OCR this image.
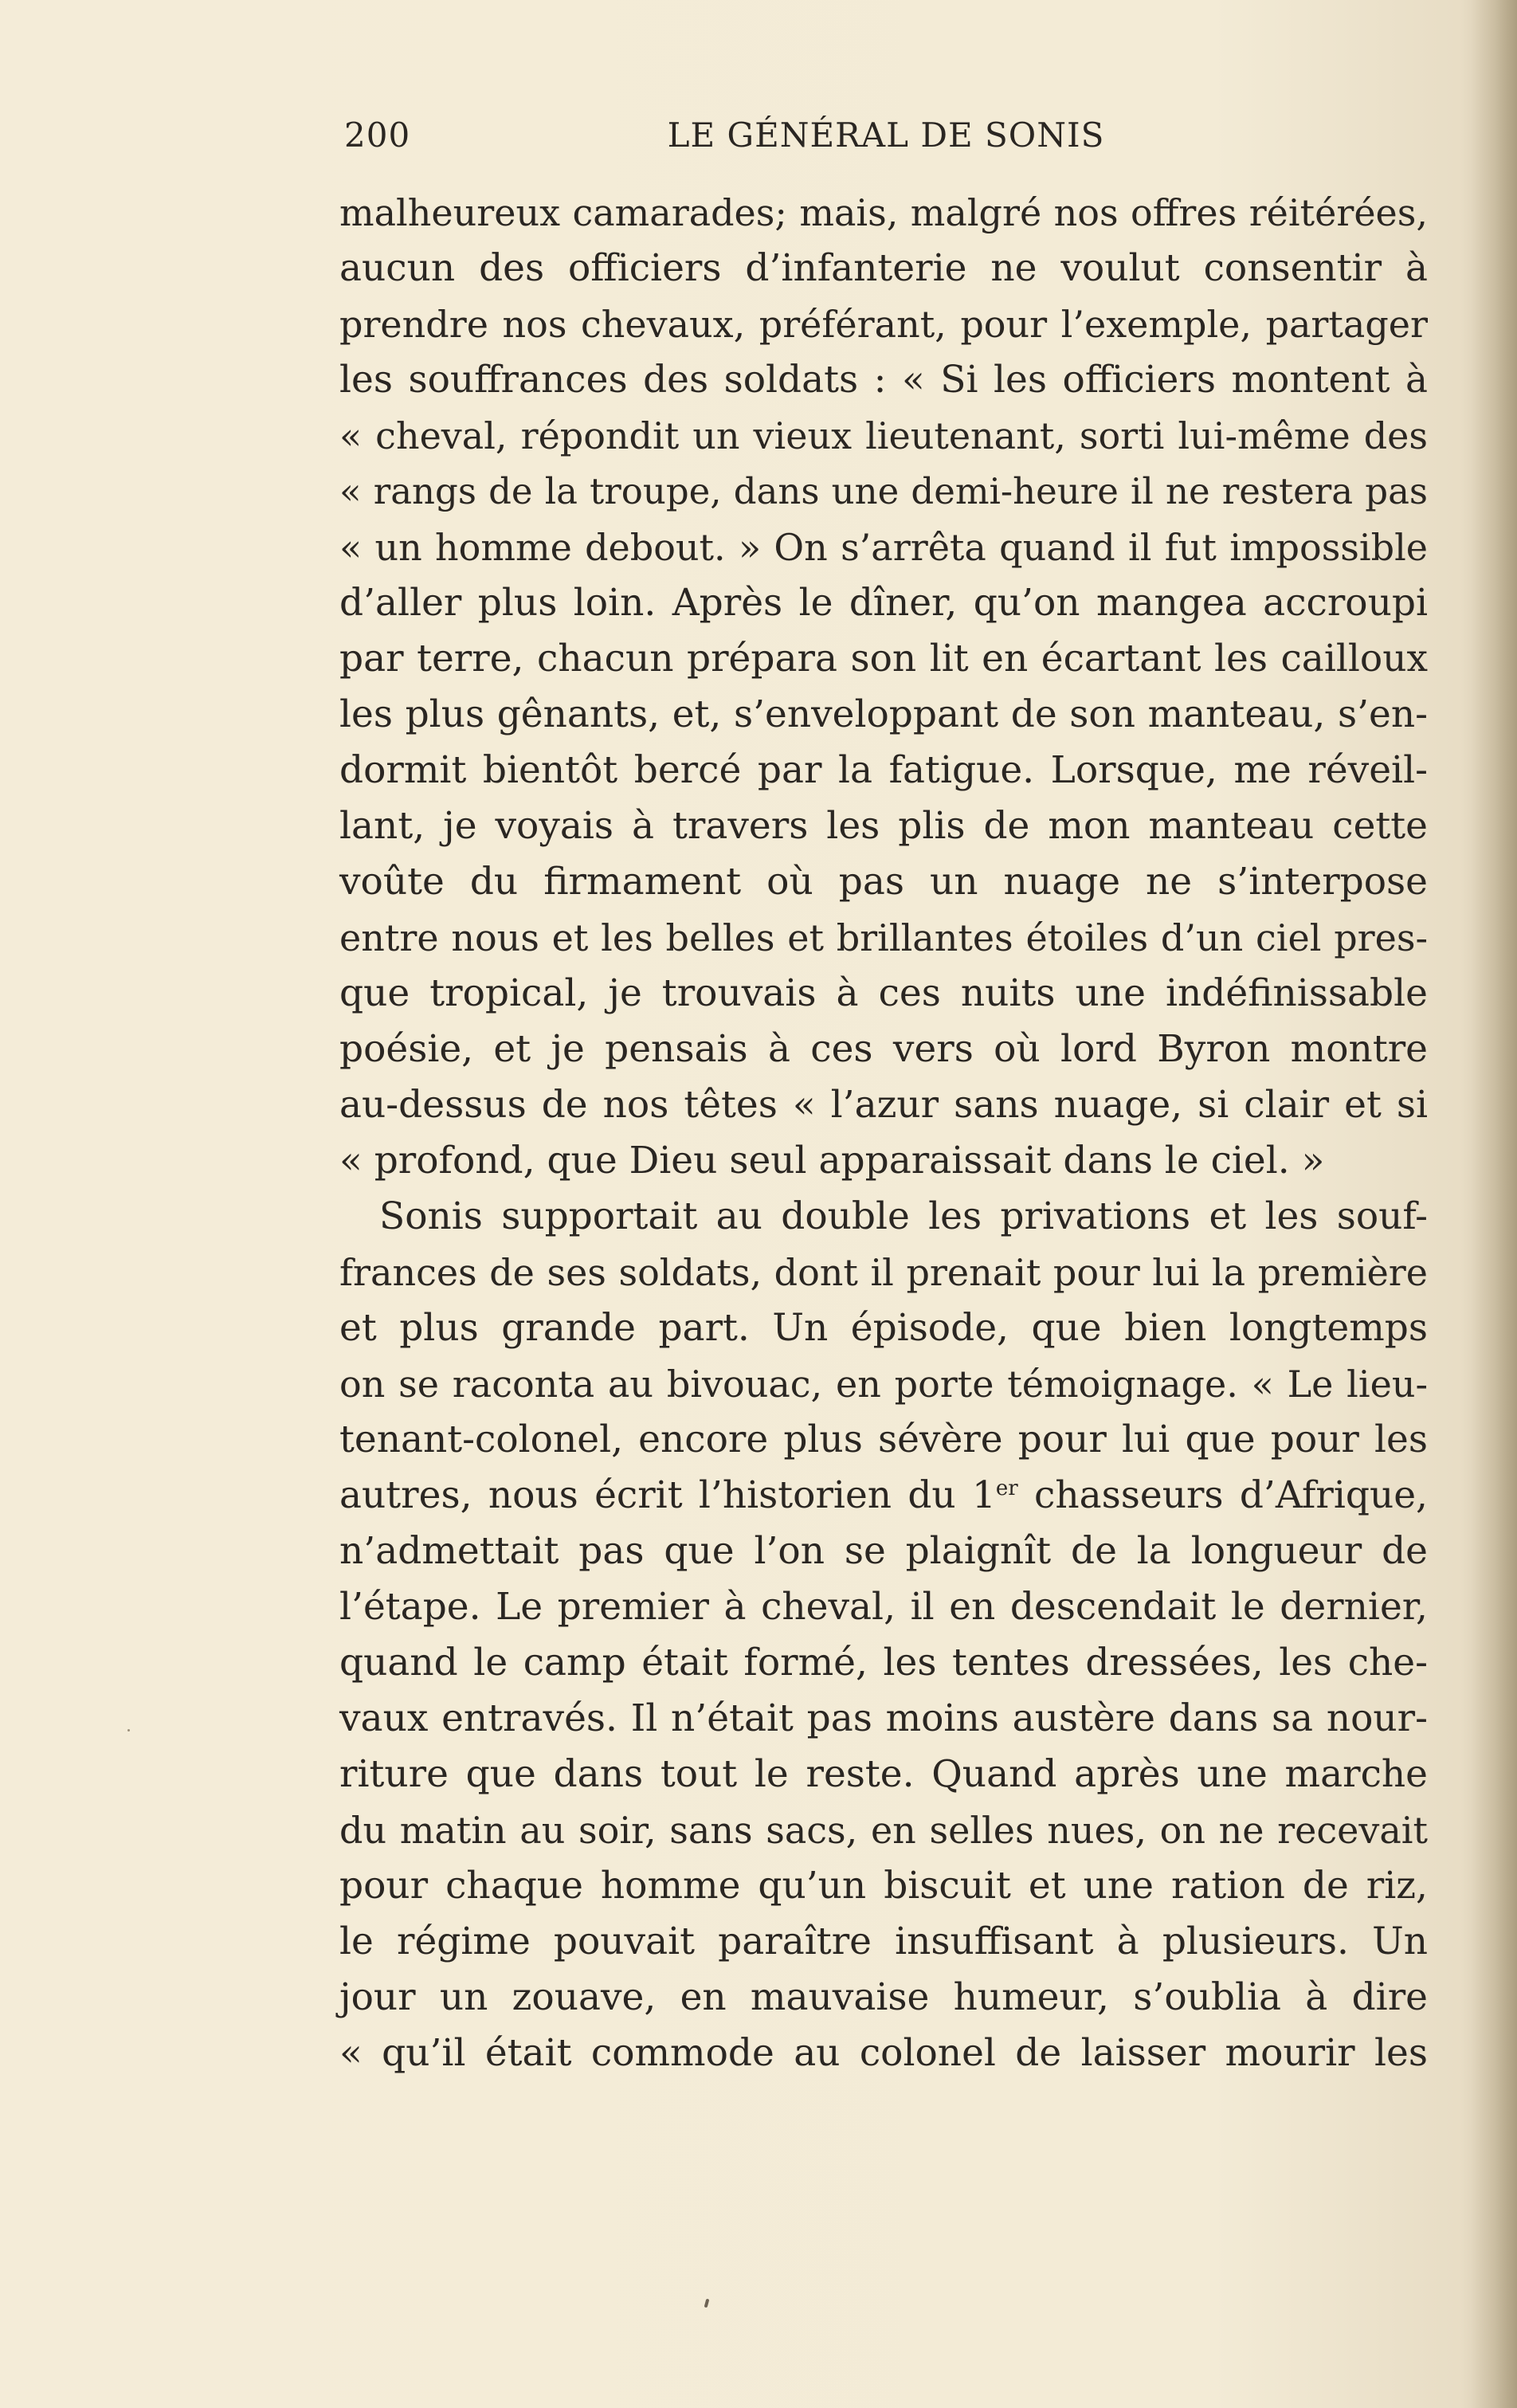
200	LE GÉNÉRAL DE SONIS
malheureux camarades; mais, malgré nos offres réitérées,
aucun des officiers d’infanterie ne voulut consentir à
prendre nos chevaux, préférant, pour l’exemple, partager
les souffrances des soldats : « Si les officiers montent à
« cheval, répondit un vieux lieutenant, sorti lui-même des
« rangs de la troupe, dans une demi-heure il ne restera pas
« un homme debout. » On s’arrêta quand il fut impossible
d’aller plus loin. Après le dîner, qu’on mangea accroupi
par terre, chacun prépara son lit en écartant les cailloux
les plus gênants, et, s’enveloppant de son manteau, s’en-
dormit bientôt bercé par la fatigue. Lorsque, me réveil-
lant, je voyais à travers les plis de mon manteau cette
voûte du firmament où pas un nuage ne s’interpose
entre nous et les belles et brillantes étoiles d’un ciel pres-
que tropical, je trouvais à ces nuits une indéfinissable
poésie, et je pensais à ces vers où lord Byron montre
au-dessus de nos têtes « l’azur sans nuage, si clair et si
« profond, que Dieu seul apparaissait dans le ciel. »
Sonis supportait au double les privations et les souf-
frances de ses soldats, dont il prenait pour lui la première
et plus grande part. Un épisode, que bien longtemps
on se raconta au bivouac, en porte témoignage. « Le lieu-
tenant-colonel, encore plus sévère pour lui que pour les
autres, nous écrit l’historien du 1er chasseurs d’Afrique,
n’admettait pas que l’on se plaignît de la longueur de
l’étape. Le premier à cheval, il en descendait le dernier,
quand le camp était formé, les tentes dressées, les che-
vaux entravés. Il n’était pas moins austère dans sa nour-
riture que dans tout le reste. Quand après une marche
du matin au soir, sans sacs, en selles nues, on ne recevait
pour chaque homme qu’un biscuit et une ration de riz,
le régime pouvait paraître insuffisant à plusieurs. Un
jour un zouave, en mauvaise humeur, s’oublia à dire
« qu’il était commode au colonel de laisser mourir les
